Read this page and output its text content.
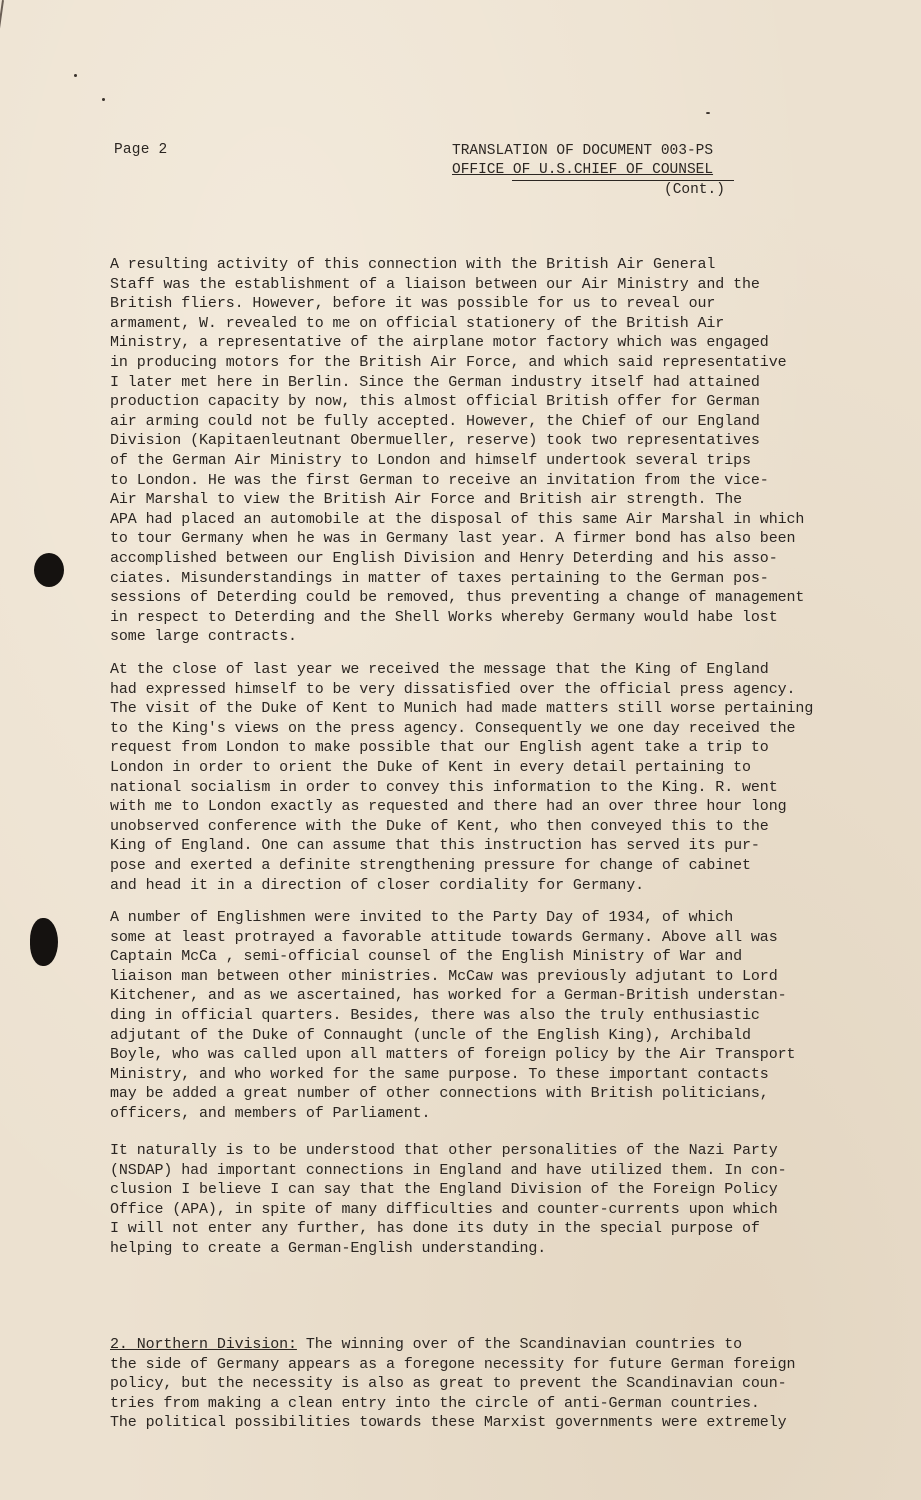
Page 2	TRANSLATION OF DOCUMENT 003-PS
OFFICE OF U.S.CHIEF OF COUNSEL
(Cont.)
A resulting activity of this connection with the British Air General
Staff was the establishment of a liaison between our Air Ministry and the
British fliers. However, before it was possible for us to reveal our
armament, W. revealed to me on official stationery of the British Air
Ministry, a representative of the airplane motor factory which was engaged
in producing motors for the British Air Force, and which said representative
I later met here in Berlin. Since the German industry itself had attained
production capacity by now, this almost official British offer for German
air arming could not be fully accepted. However, the Chief of our England
Division (Kapitaenleutnant Obermueller, reserve) took two representatives
of the German Air Ministry to London and himself undertook several trips
to London. He was the first German to receive an invitation from the vice-
Air Marshal to view the British Air Force and British air strength. The
APA had placed an automobile at the disposal of this same Air Marshal in which
to tour Germany when he was in Germany last year. A firmer bond has also been
accomplished between our English Division and Henry Deterding and his asso-
ciates. Misunderstandings in matter of taxes pertaining to the German pos-
sessions of Deterding could be removed, thus preventing a change of management
in respect to Deterding and the Shell Works whereby Germany would habe lost
some large contracts.
At the close of last year we received the message that the King of England
had expressed himself to be very dissatisfied over the official press agency.
The visit of the Duke of Kent to Munich had made matters still worse pertaining
to the King's views on the press agency. Consequently we one day received the
request from London to make possible that our English agent take a trip to
London in order to orient the Duke of Kent in every detail pertaining to
national socialism in order to convey this information to the King. R. went
with me to London exactly as requested and there had an over three hour long
unobserved conference with the Duke of Kent, who then conveyed this to the
King of England. One can assume that this instruction has served its pur-
pose and exerted a definite strengthening pressure for change of cabinet
and head it in a direction of closer cordiality for Germany.
A number of Englishmen were invited to the Party Day of 1934, of which
some at least protrayed a favorable attitude towards Germany. Above all was
Captain McCa , semi-official counsel of the English Ministry of War and
liaison man between other ministries. McCaw was previously adjutant to Lord
Kitchener, and as we ascertained, has worked for a German-British understan-
ding in official quarters. Besides, there was also the truly enthusiastic
adjutant of the Duke of Connaught (uncle of the English King), Archibald
Boyle, who was called upon all matters of foreign policy by the Air Transport
Ministry, and who worked for the same purpose. To these important contacts
may be added a great number of other connections with British politicians,
officers, and members of Parliament.
It naturally is to be understood that other personalities of the Nazi Party
(NSDAP) had important connections in England and have utilized them. In con-
clusion I believe I can say that the England Division of the Foreign Policy
Office (APA), in spite of many difficulties and counter-currents upon which
I will not enter any further, has done its duty in the special purpose of
helping to create a German-English understanding.
2. Northern Division: The winning over of the Scandinavian countries to
the side of Germany appears as a foregone necessity for future German foreign
policy, but the necessity is also as great to prevent the Scandinavian coun-
tries from making a clean entry into the circle of anti-German countries.
The political possibilities towards these Marxist governments were extremely
